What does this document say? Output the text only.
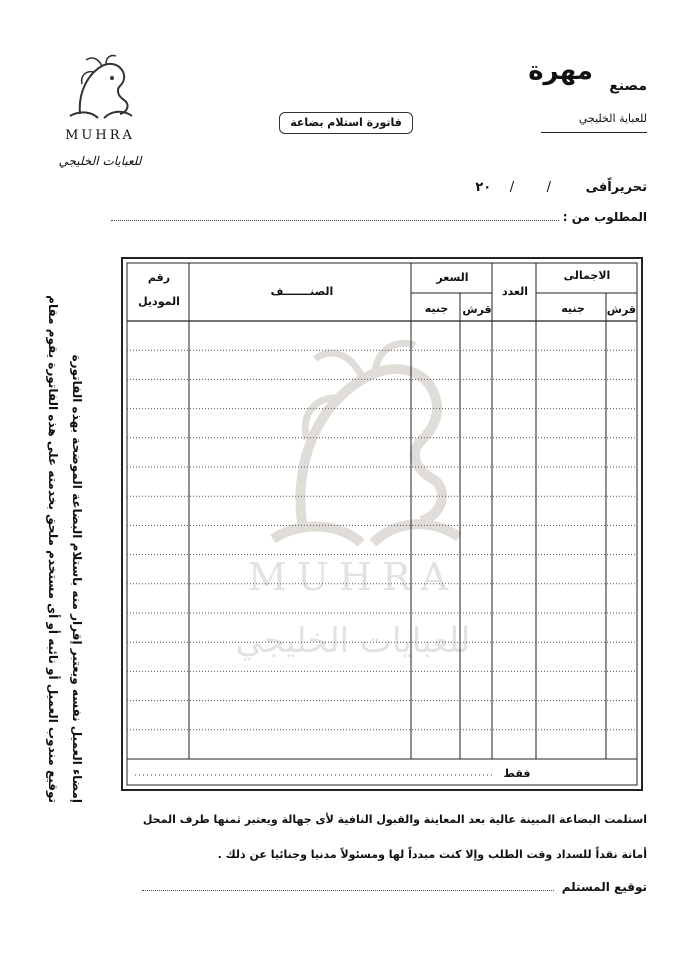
مهرة مصنع
للعباية الخليجي
MUHRA
للعبايات الخليجي
فاتورة استلام بضاعة
تحريراًفى / / ٢٠
المطلوب من :
توقيع مندوب العميل أو نائبه أو أى مستخدم ملحق بخدمته على هذه الفاتورة يقوم مقام إمضاء العميل نفسه ويعتبر إقرار منه باستلام البضاعة الموضحة بهذه الفاتورة	MUHRA
للعبايات الخليجي
الاجمالى
قرش
جنيه
العدد
السعر
قرش
جنيه
الصنـــــــف
رقم
الموديل
فقط
استلمت البضاعة المبينة عالية بعد المعاينة والقبول النافية لأى جهالة ويعتبر ثمنها طرف المحل
أمانة نقداً للسداد وقت الطلب وإلا كنت مبدداً لها ومسئولاً مدنيا وجنائيا عن ذلك .
توقيع المستلم
